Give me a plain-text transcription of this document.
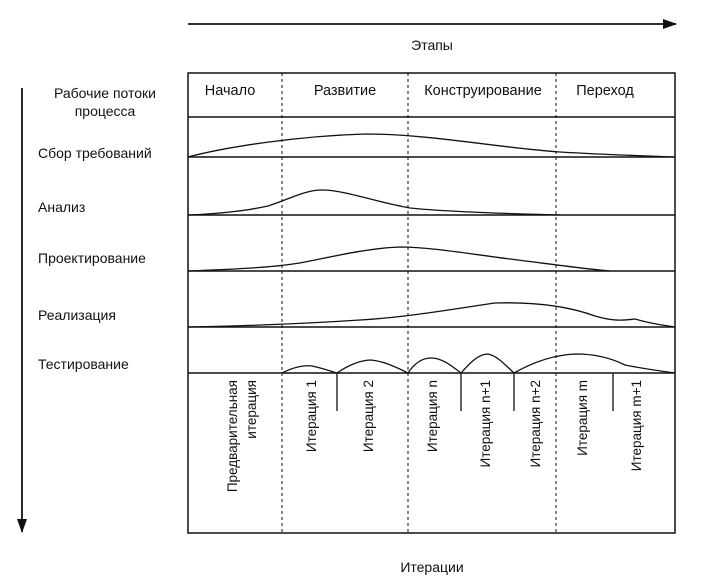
Этапы
Рабочие потоки
процесса
Сбор требований
Анализ
Проектирование
Реализация
Тестирование
Начало	Развитие	Конструирование Переход
Предварительная итерация	Итерация 1	Итерация 2	Итерация n	Итерация n+1	Итерация n+2 Итерация m	Итерация m+1
Итерации
